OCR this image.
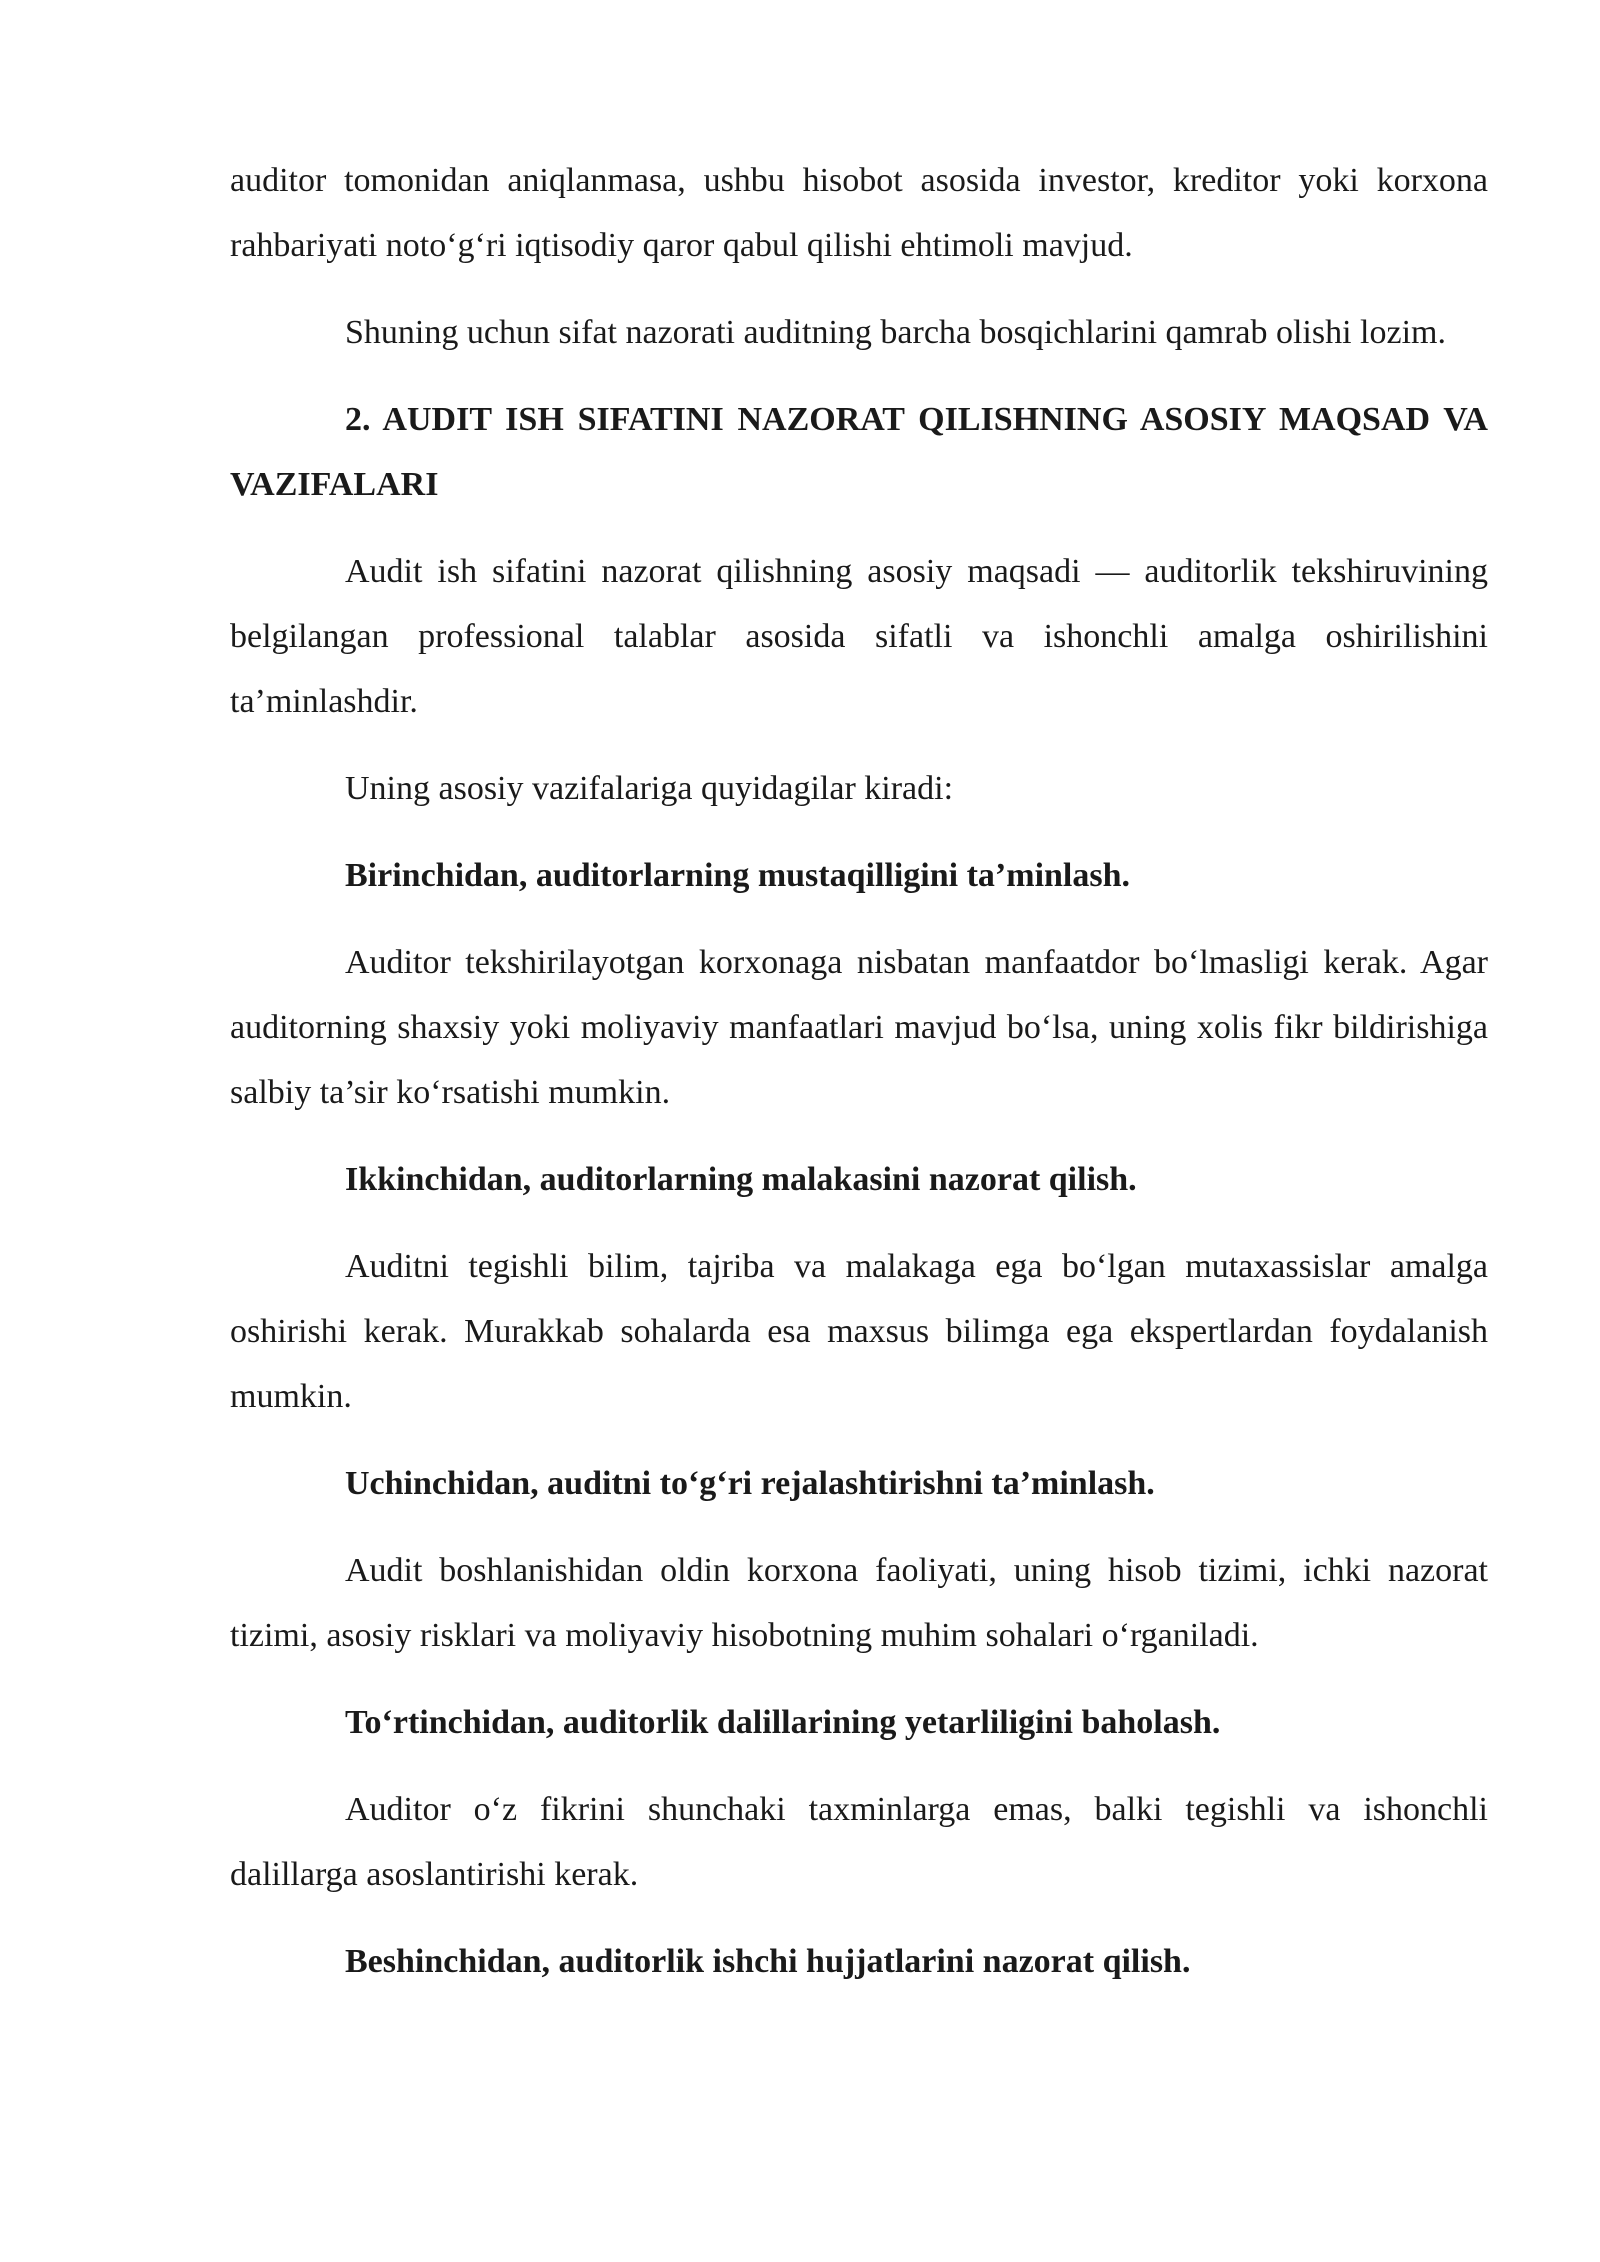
auditor tomonidan aniqlanmasa, ushbu hisobot asosida investor, kreditor yoki korxona rahbariyati noto‘g‘ri iqtisodiy qaror qabul qilishi ehtimoli mavjud.

Shuning uchun sifat nazorati auditning barcha bosqichlarini qamrab olishi lozim.

2. AUDIT ISH SIFATINI NAZORAT QILISHNING ASOSIY MAQSAD VA VAZIFALARI

Audit ish sifatini nazorat qilishning asosiy maqsadi — auditorlik tekshiruvining belgilangan professional talablar asosida sifatli va ishonchli amalga oshirilishini ta’minlashdir.

Uning asosiy vazifalariga quyidagilar kiradi:

Birinchidan, auditorlarning mustaqilligini ta’minlash.

Auditor tekshirilayotgan korxonaga nisbatan manfaatdor bo‘lmasligi kerak. Agar auditorning shaxsiy yoki moliyaviy manfaatlari mavjud bo‘lsa, uning xolis fikr bildirishiga salbiy ta’sir ko‘rsatishi mumkin.

Ikkinchidan, auditorlarning malakasini nazorat qilish.

Auditni tegishli bilim, tajriba va malakaga ega bo‘lgan mutaxassislar amalga oshirishi kerak. Murakkab sohalarda esa maxsus bilimga ega ekspertlardan foydalanish mumkin.

Uchinchidan, auditni to‘g‘ri rejalashtirishni ta’minlash.

Audit boshlanishidan oldin korxona faoliyati, uning hisob tizimi, ichki nazorat tizimi, asosiy risklari va moliyaviy hisobotning muhim sohalari o‘rganiladi.

To‘rtinchidan, auditorlik dalillarining yetarliligini baholash.

Auditor o‘z fikrini shunchaki taxminlarga emas, balki tegishli va ishonchli dalillarga asoslantirishi kerak.

Beshinchidan, auditorlik ishchi hujjatlarini nazorat qilish.
